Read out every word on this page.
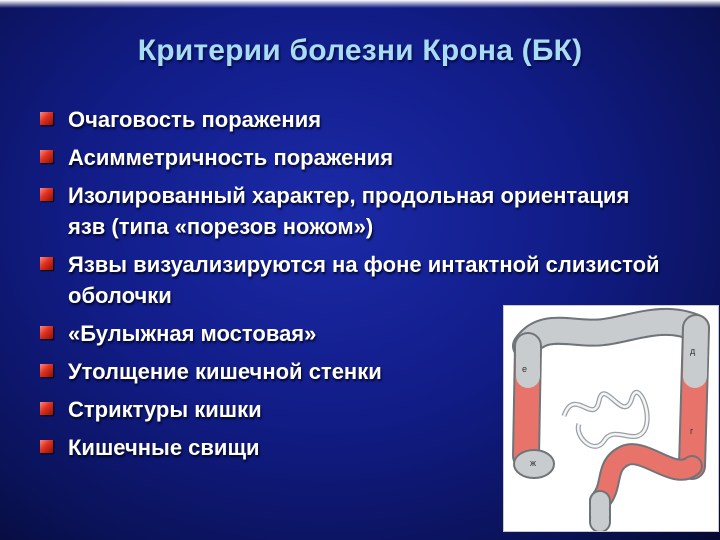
Критерии болезни Крона (БК)
Очаговость поражения
Асимметричность поражения
Изолированный характер, продольная ориентация язв (типа «порезов ножом»)
Язвы визуализируются на фоне интактной слизистой оболочки
«Булыжная мостовая»
Утолщение кишечной стенки
Стриктуры кишки
Кишечные свищи
е
г
ж
д
